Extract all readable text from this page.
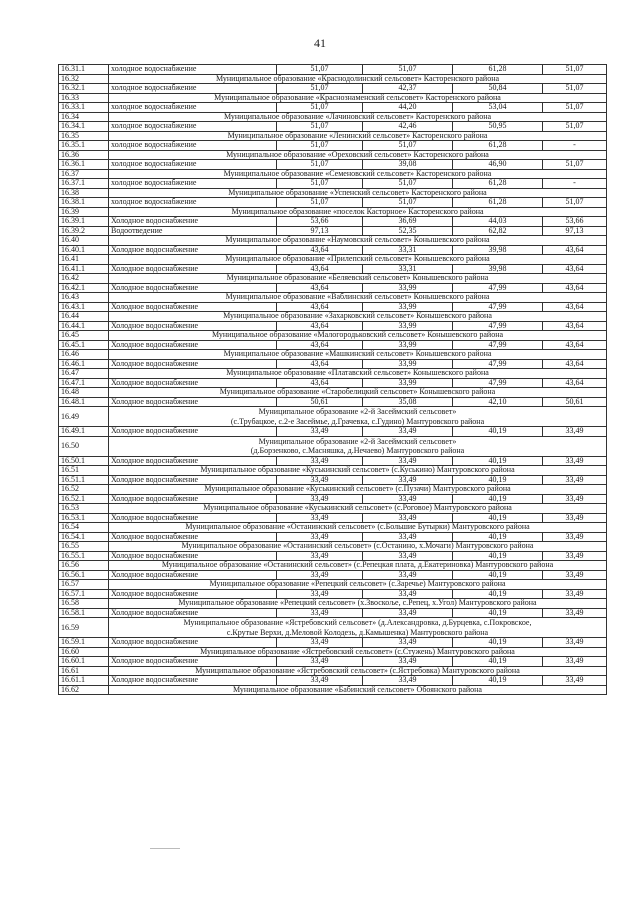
41
16.31.1	холодное водоснабжение	51,07	51,07	61,28	51,07
16.32	Муниципальное образование «Краснодолинский сельсовет» Касторенского района				
16.32.1	холодное водоснабжение	51,07	42,37	50,84	51,07
16.33	Муниципальное образование «Краснознаменский сельсовет» Касторенского района				
16.33.1	холодное водоснабжение	51,07	44,20	53,04	51,07
16.34	Муниципальное образование «Лачиновский сельсовет» Касторенского района				
16.34.1	холодное водоснабжение	51,07	42,46	50,95	51,07
16.35	Муниципальное образование «Ленинский сельсовет» Касторенского района				
16.35.1	холодное водоснабжение	51,07	51,07	61,28	-
16.36	Муниципальное образование «Ореховский сельсовет» Касторенского района				
16.36.1	холодное водоснабжение	51,07	39,08	46,90	51,07
16.37	Муниципальное образование «Семеновский сельсовет» Касторенского района				
16.37.1	холодное водоснабжение	51,07	51,07	61,28	-
16.38	Муниципальное образование «Успенский сельсовет» Касторенского района				
16.38.1	холодное водоснабжение	51,07	51,07	61,28	51,07
16.39	Муниципальное образование «поселок Касторное» Касторенского района				
16.39.1	Холодное водоснабжение	53,66	36,69	44,03	53,66
16.39.2	Водоотведение	97,13	52,35	62,82	97,13
16.40	Муниципальное образование «Наумовский сельсовет» Конышевского района				
16.40.1	Холодное водоснабжение	43,64	33,31	39,98	43,64
16.41	Муниципальное образование «Прилепский сельсовет» Конышевского района				
16.41.1	Холодное водоснабжение	43,64	33,31	39,98	43,64
16.42	Муниципальное образование «Беляевский сельсовет» Конышевского района				
16.42.1	Холодное водоснабжение	43,64	33,99	47,99	43,64
16.43	Муниципальное образование «Ваблинский сельсовет» Конышевского района				
16.43.1	Холодное водоснабжение	43,64	33,99	47,99	43,64
16.44	Муниципальное образование «Захарковский сельсовет» Конышевского района				
16.44.1	Холодное водоснабжение	43,64	33,99	47,99	43,64
16.45	Муниципальное образование «Малогородьковский сельсовет» Конышевского района				
16.45.1	Холодное водоснабжение	43,64	33,99	47,99	43,64
16.46	Муниципальное образование «Машкинский сельсовет» Конышевского района				
16.46.1	Холодное водоснабжение	43,64	33,99	47,99	43,64
16.47	Муниципальное образование «Платавский сельсовет» Конышевского района				
16.47.1	Холодное водоснабжение	43,64	33,99	47,99	43,64
16.48	Муниципальное образование «Старобелицкий сельсовет» Конышевского района				
16.48.1	Холодное водоснабжение	50,61	35,08	42,10	50,61
16.49	Муниципальное образование «2-й Засеймский сельсовет»
(с.Трубацкое, с.2-е Засеймье, д.Грачевка, с.Гудино) Мантуровского района				

16.49.1	Холодное водоснабжение	33,49	33,49	40,19	33,49
16.50	Муниципальное образование «2-й Засеймский сельсовет»
(д.Борзенково, с.Масняшка, д.Нечаево) Мантуровского района				

16.50.1	Холодное водоснабжение	33,49	33,49	40,19	33,49
16.51	Муниципальное образование «Куськинский сельсовет» (с.Куськино) Мантуровского района				
16.51.1	Холодное водоснабжение	33,49	33,49	40,19	33,49
16.52	Муниципальное образование «Куськинский сельсовет» (с.Пузачи) Мантуровского района				
16.52.1	Холодное водоснабжение	33,49	33,49	40,19	33,49
16.53	Муниципальное образование «Куськинский сельсовет» (с.Роговое) Мантуровского района				
16.53.1	Холодное водоснабжение	33,49	33,49	40,19	33,49
16.54	Муниципальное образование «Останинский сельсовет» (с.Большие Бутырки) Мантуровского района				
16.54.1	Холодное водоснабжение	33,49	33,49	40,19	33,49
16.55	Муниципальное образование «Останинский сельсовет» (с.Останино, х.Мочаги) Мантуровского района				
16.55.1	Холодное водоснабжение	33,49	33,49	40,19	33,49
16.56	Муниципальное образование «Останинский сельсовет» (с.Репецкая плата, д.Екатериновка) Мантуровского района				
16.56.1	Холодное водоснабжение	33,49	33,49	40,19	33,49
16.57	Муниципальное образование «Репецкий сельсовет» (с.Заречье) Мантуровского района				
16.57.1	Холодное водоснабжение	33,49	33,49	40,19	33,49
16.58	Муниципальное образование «Репецкий сельсовет» (х.Звоскоље, с.Репец, х.Угол) Мантуровского района				
16.58.1	Холодное водоснабжение	33,49	33,49	40,19	33,49
16.59	Муниципальное образование «Ястребовский сельсовет» (д.Александровка, д.Бурцевка, с.Покровское,
с.Крутые Верхи, д.Меловой Колодезь, д.Камышенка) Мантуровского района				

16.59.1	Холодное водоснабжение	33,49	33,49	40,19	33,49
16.60	Муниципальное образование «Ястребовский сельсовет» (с.Стужень) Мантуровского района				
16.60.1	Холодное водоснабжение	33,49	33,49	40,19	33,49
16.61	Муниципальное образование «Ястребовский сельсовет» (с.Ястребовка) Мантуровского района				
16.61.1	Холодное водоснабжение	33,49	33,49	40,19	33,49
16.62	Муниципальное образование «Бабинский сельсовет» Обоянского района				
